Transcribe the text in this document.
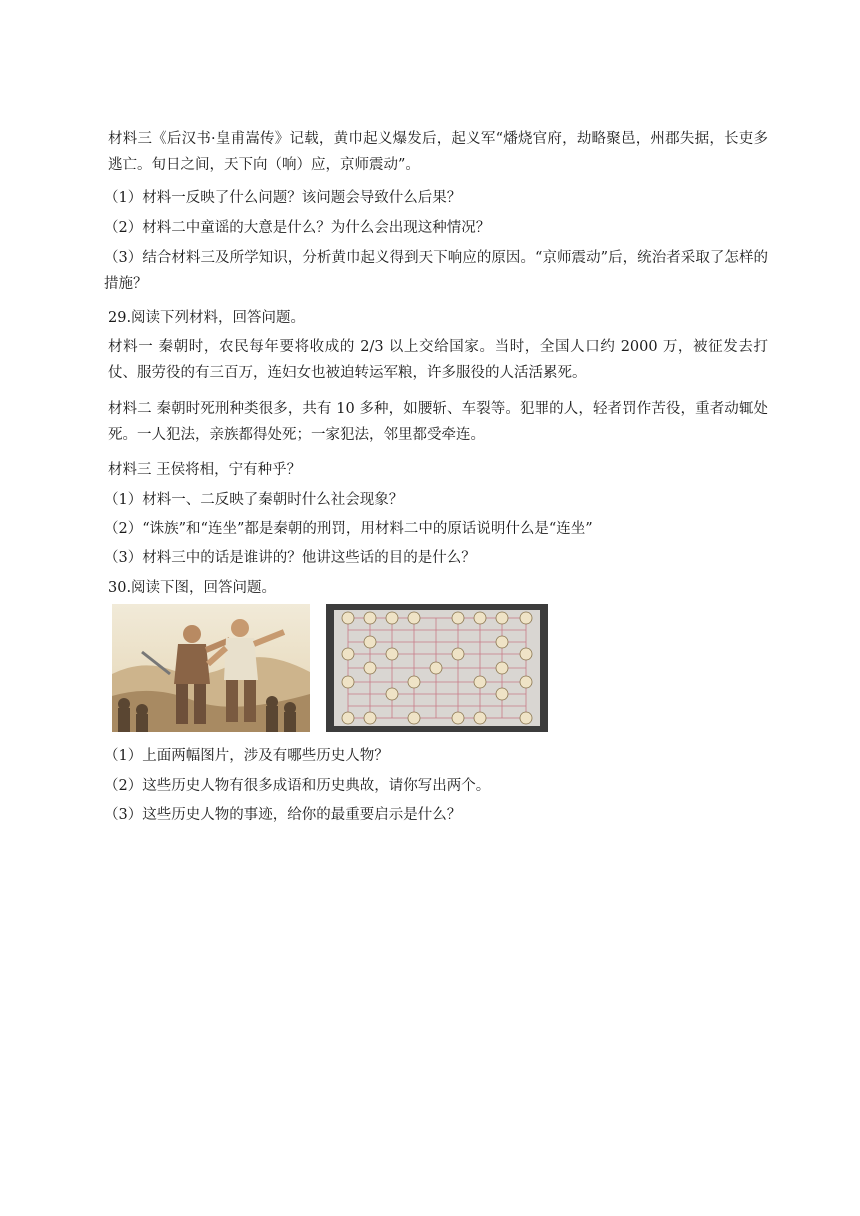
材料三《后汉书·皇甫嵩传》记载，黄巾起义爆发后，起义军“燔烧官府，劫略聚邑，州郡失据，长吏多逃亡。旬日之间，天下向（响）应，京师震动”。

（1）材料一反映了什么问题？该问题会导致什么后果？

（2）材料二中童谣的大意是什么？为什么会出现这种情况？

（3）结合材料三及所学知识，分析黄巾起义得到天下响应的原因。“京师震动”后，统治者采取了怎样的措施？

29.阅读下列材料，回答问题。

材料一 秦朝时，农民每年要将收成的 2/3 以上交给国家。当时，全国人口约 2000 万，被征发去打仗、服劳役的有三百万，连妇女也被迫转运军粮，许多服役的人活活累死。

材料二 秦朝时死刑种类很多，共有 10 多种，如腰斩、车裂等。犯罪的人，轻者罚作苦役，重者动辄处死。一人犯法，亲族都得处死；一家犯法，邻里都受牵连。

材料三 王侯将相，宁有种乎？

（1）材料一、二反映了秦朝时什么社会现象？

（2）“诛族”和“连坐”都是秦朝的刑罚，用材料二中的原话说明什么是“连坐”

（3）材料三中的话是谁讲的？他讲这些话的目的是什么？

30.阅读下图，回答问题。

（1）上面两幅图片，涉及有哪些历史人物？

（2）这些历史人物有很多成语和历史典故，请你写出两个。

（3）这些历史人物的事迹，给你的最重要启示是什么？
